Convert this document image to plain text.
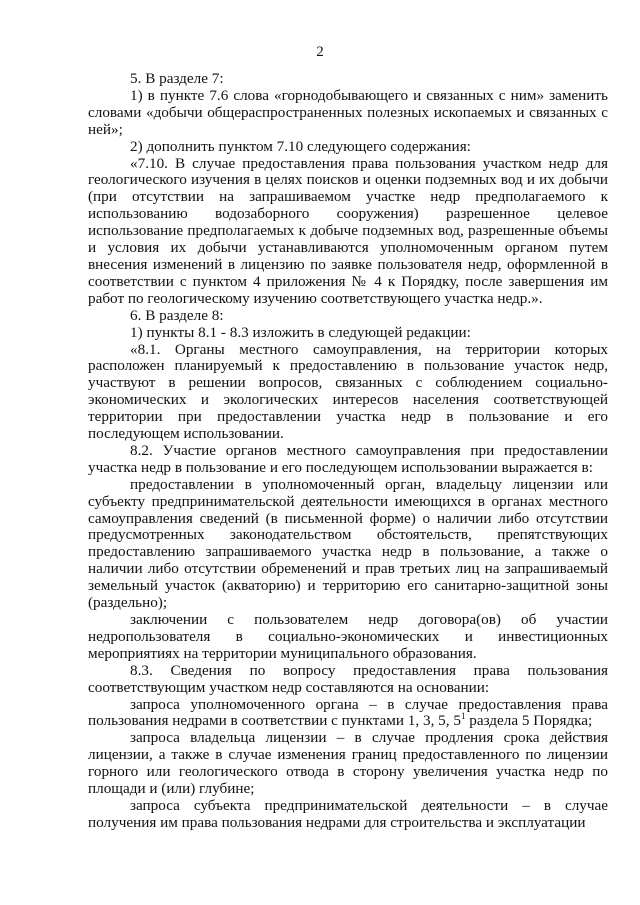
2

5. В разделе 7:

1) в пункте 7.6 слова «горнодобывающего и связанных с ним» заменить словами «добычи общераспространенных полезных ископаемых и связанных с ней»;

2) дополнить пунктом 7.10 следующего содержания:

«7.10. В случае предоставления права пользования участком недр для геологического изучения в целях поисков и оценки подземных вод и их добычи (при отсутствии на запрашиваемом участке недр предполагаемого к использованию водозаборного сооружения) разрешенное целевое использование предполагаемых к добыче подземных вод, разрешенные объемы и условия их добычи устанавливаются уполномоченным органом путем внесения изменений в лицензию по заявке пользователя недр, оформленной в соответствии с пунктом 4 приложения № 4 к Порядку, после завершения им работ по геологическому изучению соответствующего участка недр.».

6. В разделе 8:

1) пункты 8.1 - 8.3 изложить в следующей редакции:

«8.1. Органы местного самоуправления, на территории которых расположен планируемый к предоставлению в пользование участок недр, участвуют в решении вопросов, связанных с соблюдением социально-экономических и экологических интересов населения соответствующей территории при предоставлении участка недр в пользование и его последующем использовании.

8.2. Участие органов местного самоуправления при предоставлении участка недр в пользование и его последующем использовании выражается в:

предоставлении в уполномоченный орган, владельцу лицензии или субъекту предпринимательской деятельности имеющихся в органах местного самоуправления сведений (в письменной форме) о наличии либо отсутствии предусмотренных законодательством обстоятельств, препятствующих предоставлению запрашиваемого участка недр в пользование, а также о наличии либо отсутствии обременений и прав третьих лиц на запрашиваемый земельный участок (акваторию) и территорию его санитарно-защитной зоны (раздельно);

заключении с пользователем недр договора(ов) об участии недропользователя в социально-экономических и инвестиционных мероприятиях на территории муниципального образования.

8.3. Сведения по вопросу предоставления права пользования соответствующим участком недр составляются на основании:

запроса уполномоченного органа – в случае предоставления права пользования недрами в соответствии с пунктами 1, 3, 5, $5^1$ раздела 5 Порядка;

запроса владельца лицензии – в случае продления срока действия лицензии, а также в случае изменения границ предоставленного по лицензии горного или геологического отвода в сторону увеличения участка недр по площади и (или) глубине;

запроса субъекта предпринимательской деятельности – в случае получения им права пользования недрами для строительства и эксплуатации
